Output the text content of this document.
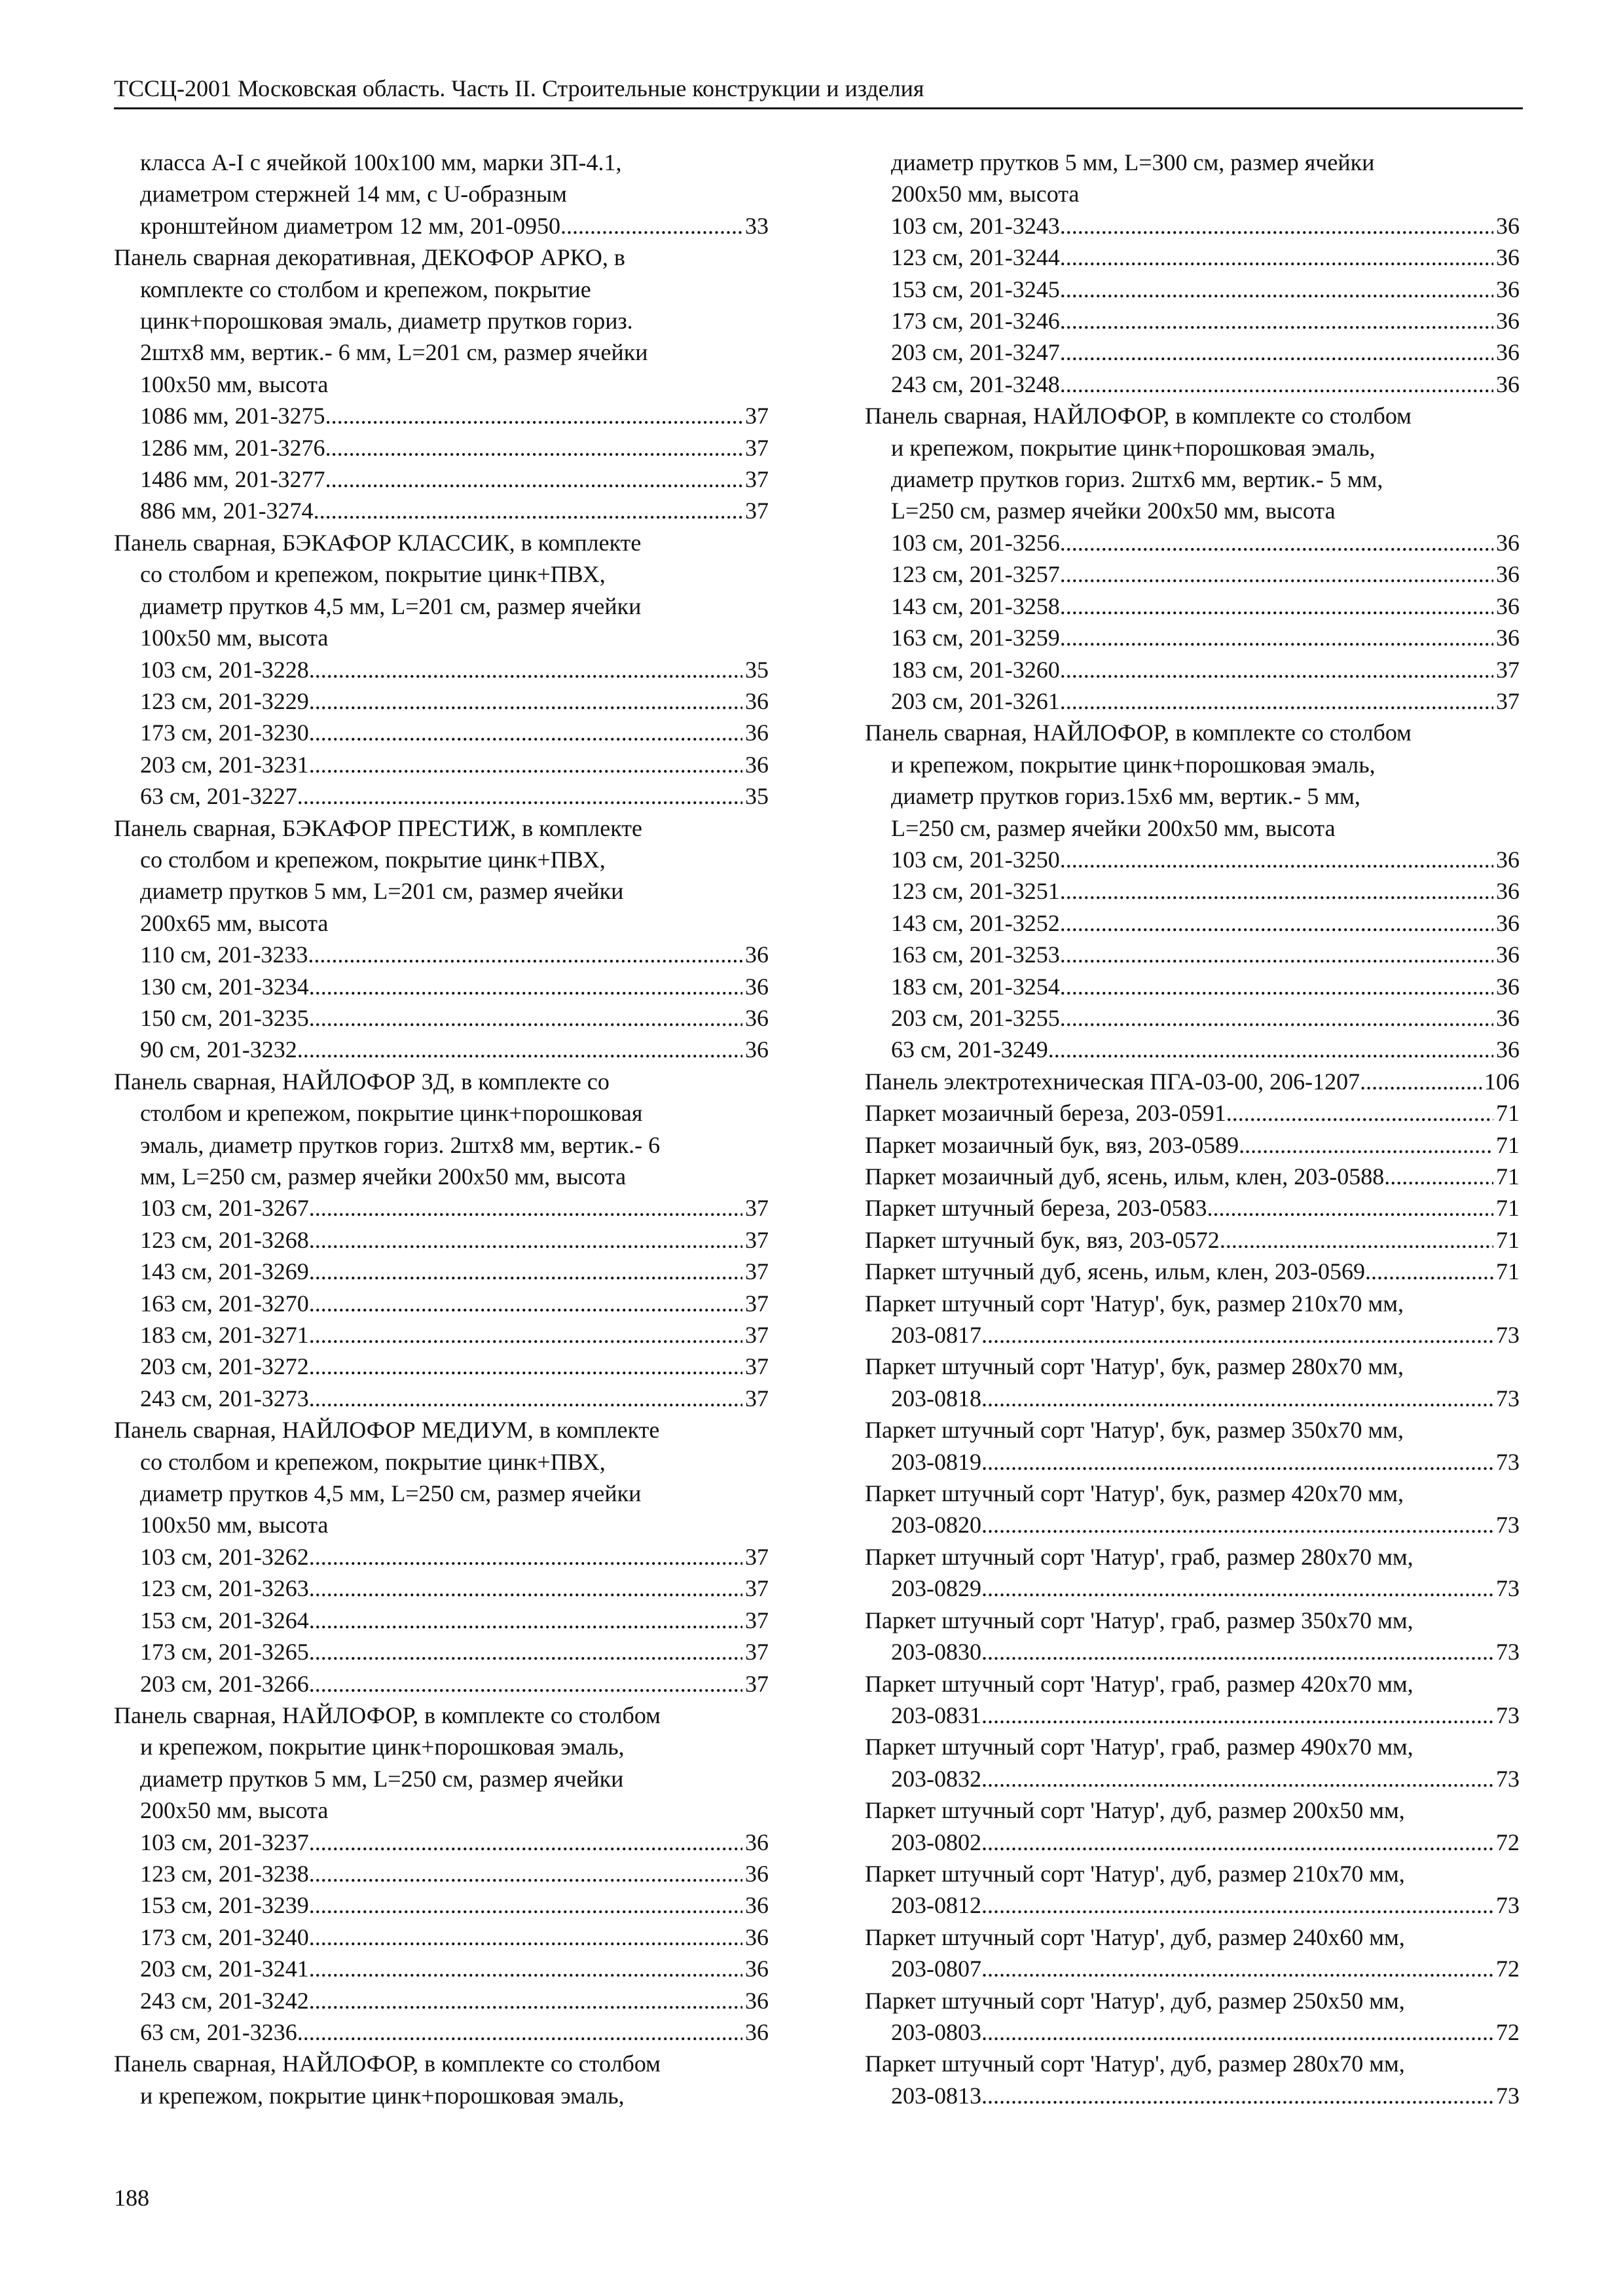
ТССЦ-2001 Московская область. Часть II. Строительные конструкции и изделия
класса А-I с ячейкой 100х100 мм, марки ЗП-4.1,
диаметром стержней 14 мм, с U-образным
кронштейном диаметром 12 мм, 201-0950 .....	33
Панель сварная декоративная, ДЕКОФОР АРКО, в
комплекте со столбом и крепежом, покрытие
цинк+порошковая эмаль, диаметр прутков гориз.
2штх8 мм, вертик.- 6 мм, L=201 см, размер ячейки
100х50 мм, высота
1086 мм, 201-3275 .....	37
1286 мм, 201-3276 .....	37
1486 мм, 201-3277 .....	37
886 мм, 201-3274 .....	37
Панель сварная, БЭКАФОР КЛАССИК, в комплекте
со столбом и крепежом, покрытие цинк+ПВХ,
диаметр прутков 4,5 мм, L=201 см, размер ячейки
100х50 мм, высота
103 см, 201-3228 .....	35
123 см, 201-3229 .....	36
173 см, 201-3230 .....	36
203 см, 201-3231 .....	36
63 см, 201-3227 .....	35
Панель сварная, БЭКАФОР ПРЕСТИЖ, в комплекте
со столбом и крепежом, покрытие цинк+ПВХ,
диаметр прутков 5 мм, L=201 см, размер ячейки
200х65 мм, высота
110 см, 201-3233 .....	36
130 см, 201-3234 .....	36
150 см, 201-3235 .....	36
90 см, 201-3232 .....	36
Панель сварная, НАЙЛОФОР 3Д, в комплекте со
столбом и крепежом, покрытие цинк+порошковая
эмаль, диаметр прутков гориз. 2штх8 мм, вертик.- 6
мм, L=250 см, размер ячейки 200х50 мм, высота
103 см, 201-3267 .....	37
123 см, 201-3268 .....	37
143 см, 201-3269 .....	37
163 см, 201-3270 .....	37
183 см, 201-3271 .....	37
203 см, 201-3272 .....	37
243 см, 201-3273 .....	37
Панель сварная, НАЙЛОФОР МЕДИУМ, в комплекте
со столбом и крепежом, покрытие цинк+ПВХ,
диаметр прутков 4,5 мм, L=250 см, размер ячейки
100х50 мм, высота
103 см, 201-3262 .....	37
123 см, 201-3263 .....	37
153 см, 201-3264 .....	37
173 см, 201-3265 .....	37
203 см, 201-3266 .....	37
Панель сварная, НАЙЛОФОР, в комплекте со столбом
и крепежом, покрытие цинк+порошковая эмаль,
диаметр прутков 5 мм, L=250 см, размер ячейки
200х50 мм, высота
103 см, 201-3237 .....	36
123 см, 201-3238 .....	36
153 см, 201-3239 .....	36
173 см, 201-3240 .....	36
203 см, 201-3241 .....	36
243 см, 201-3242 .....	36
63 см, 201-3236 .....	36
Панель сварная, НАЙЛОФОР, в комплекте со столбом
и крепежом, покрытие цинк+порошковая эмаль,
диаметр прутков 5 мм, L=300 см, размер ячейки
200х50 мм, высота
103 см, 201-3243 .....	36
123 см, 201-3244 .....	36
153 см, 201-3245 .....	36
173 см, 201-3246 .....	36
203 см, 201-3247 .....	36
243 см, 201-3248 .....	36
Панель сварная, НАЙЛОФОР, в комплекте со столбом
и крепежом, покрытие цинк+порошковая эмаль,
диаметр прутков гориз. 2штх6 мм, вертик.- 5 мм,
L=250 см, размер ячейки 200х50 мм, высота
103 см, 201-3256 .....	36
123 см, 201-3257 .....	36
143 см, 201-3258 .....	36
163 см, 201-3259 .....	36
183 см, 201-3260 .....	37
203 см, 201-3261 .....	37
Панель сварная, НАЙЛОФОР, в комплекте со столбом
и крепежом, покрытие цинк+порошковая эмаль,
диаметр прутков гориз.15х6 мм, вертик.- 5 мм,
L=250 см, размер ячейки 200х50 мм, высота
103 см, 201-3250 .....	36
123 см, 201-3251 .....	36
143 см, 201-3252 .....	36
163 см, 201-3253 .....	36
183 см, 201-3254 .....	36
203 см, 201-3255 .....	36
63 см, 201-3249 .....	36
Панель электротехническая ПГА-03-00, 206-1207 .....	106
Паркет мозаичный береза, 203-0591 .....	71
Паркет мозаичный бук, вяз, 203-0589 .....	71
Паркет мозаичный дуб, ясень, ильм, клен, 203-0588 .....	71
Паркет штучный береза, 203-0583 .....	71
Паркет штучный бук, вяз, 203-0572 .....	71
Паркет штучный дуб, ясень, ильм, клен, 203-0569 .....	71
Паркет штучный сорт 'Натур', бук, размер 210х70 мм,
203-0817 .....	73
Паркет штучный сорт 'Натур', бук, размер 280х70 мм,
203-0818 .....	73
Паркет штучный сорт 'Натур', бук, размер 350х70 мм,
203-0819 .....	73
Паркет штучный сорт 'Натур', бук, размер 420х70 мм,
203-0820 .....	73
Паркет штучный сорт 'Натур', граб, размер 280х70 мм,
203-0829 .....	73
Паркет штучный сорт 'Натур', граб, размер 350х70 мм,
203-0830 .....	73
Паркет штучный сорт 'Натур', граб, размер 420х70 мм,
203-0831 .....	73
Паркет штучный сорт 'Натур', граб, размер 490х70 мм,
203-0832 .....	73
Паркет штучный сорт 'Натур', дуб, размер 200х50 мм,
203-0802 .....	72
Паркет штучный сорт 'Натур', дуб, размер 210х70 мм,
203-0812 .....	73
Паркет штучный сорт 'Натур', дуб, размер 240х60 мм,
203-0807 .....	72
Паркет штучный сорт 'Натур', дуб, размер 250х50 мм,
203-0803 .....	72
Паркет штучный сорт 'Натур', дуб, размер 280х70 мм,
203-0813 .....	73
188
